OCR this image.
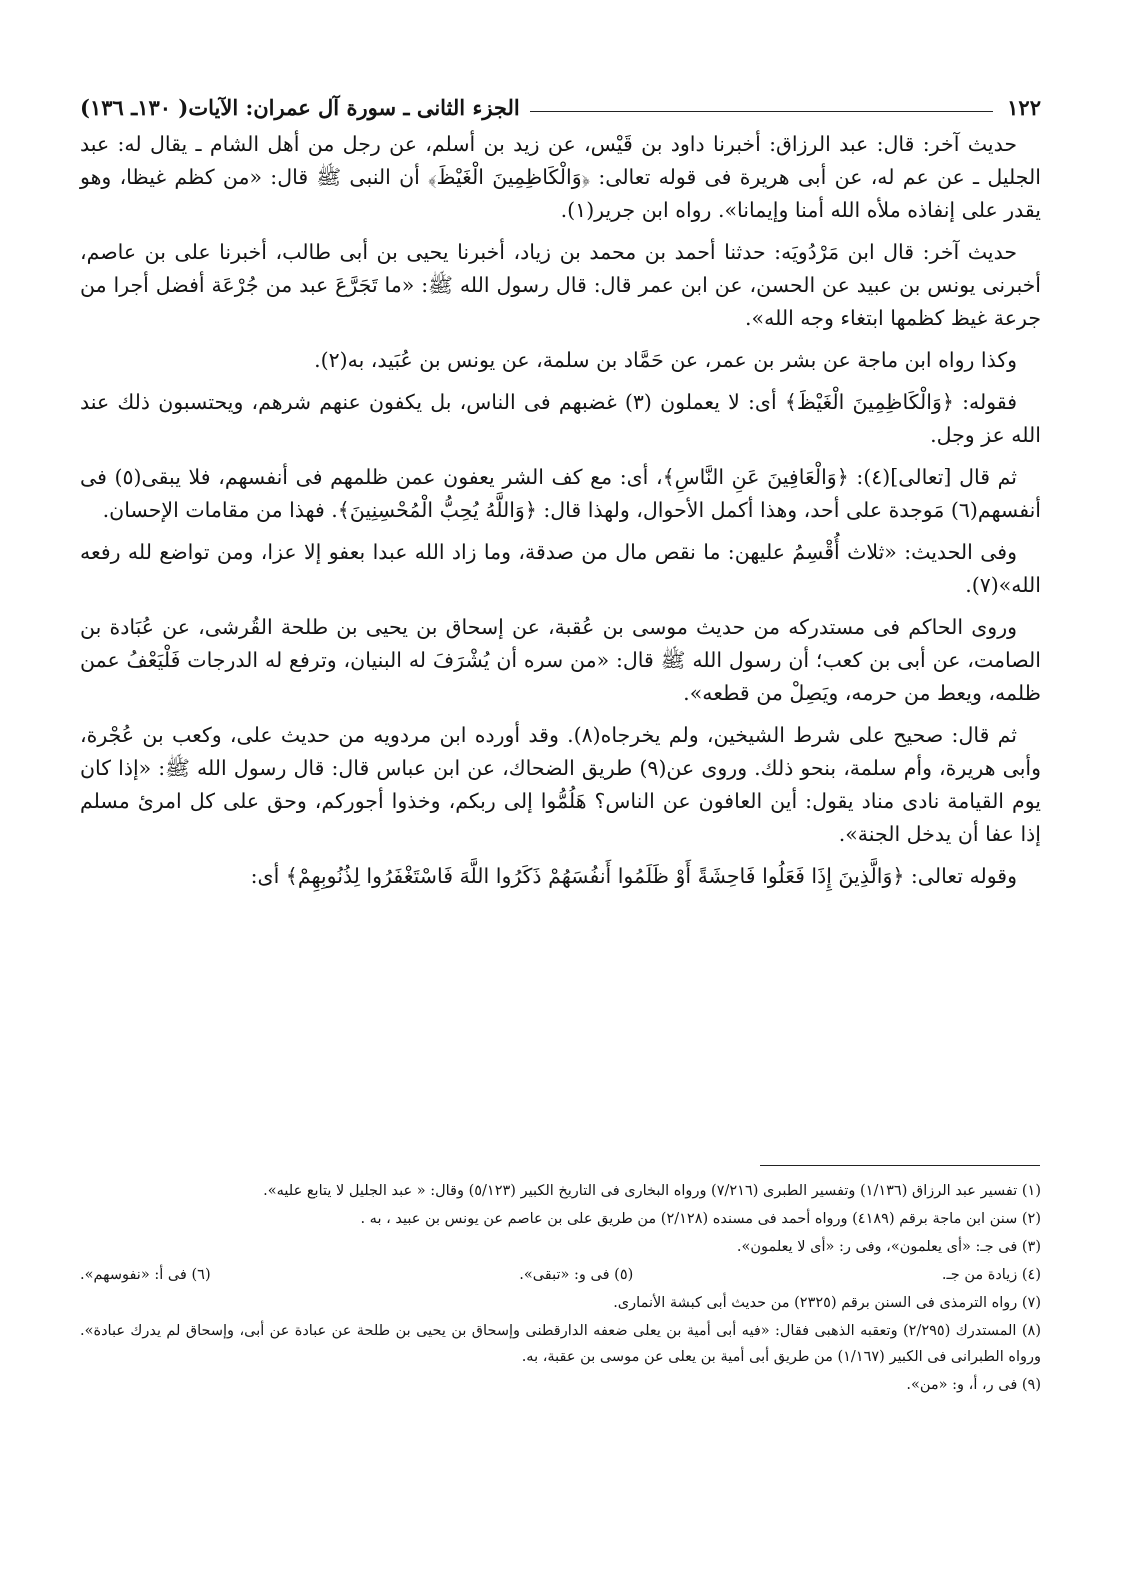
١٢٢
الجزء الثانى ـ سورة آل عمران: الآيات( ١٣٠ـ ١٣٦)

حديث آخر: قال: عبد الرزاق: أخبرنا داود بن قَيْس، عن زيد بن أسلم، عن رجل من أهل الشام ـ يقال له: عبد الجليل ـ عن عم له، عن أبى هريرة فى قوله تعالى: ﴿وَالْكَاظِمِينَ الْغَيْظَ﴾ أن النبى ﷺ قال: «من كظم غيظا، وهو يقدر على إنفاذه ملأه الله أمنا وإيمانا». رواه ابن جرير(١).

حديث آخر: قال ابن مَرْدُويَه: حدثنا أحمد بن محمد بن زياد، أخبرنا يحيى بن أبى طالب، أخبرنا على بن عاصم، أخبرنى يونس بن عبيد عن الحسن، عن ابن عمر قال: قال رسول الله ﷺ: «ما تَجَرَّعَ عبد من جُرْعَة أفضل أجرا من جرعة غيظ كظمها ابتغاء وجه الله».

وكذا رواه ابن ماجة عن بشر بن عمر، عن حَمَّاد بن سلمة، عن يونس بن عُبَيد، به(٢).

فقوله: ﴿وَالْكَاظِمِينَ الْغَيْظَ﴾ أى: لا يعملون (٣) غضبهم فى الناس، بل يكفون عنهم شرهم، ويحتسبون ذلك عند الله عز وجل.

ثم قال [تعالى](٤): ﴿وَالْعَافِينَ عَنِ النَّاسِ﴾، أى: مع كف الشر يعفون عمن ظلمهم فى أنفسهم، فلا يبقى(٥) فى أنفسهم(٦) مَوجدة على أحد، وهذا أكمل الأحوال، ولهذا قال: ﴿وَاللَّهُ يُحِبُّ الْمُحْسِنِينَ﴾. فهذا من مقامات الإحسان.

وفى الحديث: «ثلاث أُقْسِمُ عليهن: ما نقص مال من صدقة، وما زاد الله عبدا بعفو إلا عزا، ومن تواضع لله رفعه الله»(٧).

وروى الحاكم فى مستدركه من حديث موسى بن عُقبة، عن إسحاق بن يحيى بن طلحة القُرشى، عن عُبَادة بن الصامت، عن أبى بن كعب؛ أن رسول الله ﷺ قال: «من سره أن يُشْرَفَ له البنيان، وترفع له الدرجات فَلْيَعْفُ عمن ظلمه، ويعط من حرمه، ويَصِلْ من قطعه».

ثم قال: صحيح على شرط الشيخين، ولم يخرجاه(٨). وقد أورده ابن مردويه من حديث على، وكعب بن عُجْرة، وأبى هريرة، وأم سلمة، بنحو ذلك. وروى عن(٩) طريق الضحاك، عن ابن عباس قال: قال رسول الله ﷺ: «إذا كان يوم القيامة نادى مناد يقول: أين العافون عن الناس؟ هَلُمُّوا إلى ربكم، وخذوا أجوركم، وحق على كل امرئ مسلم إذا عفا أن يدخل الجنة».

وقوله تعالى: ﴿وَالَّذِينَ إِذَا فَعَلُوا فَاحِشَةً أَوْ ظَلَمُوا أَنفُسَهُمْ ذَكَرُوا اللَّهَ فَاسْتَغْفَرُوا لِذُنُوبِهِمْ﴾ أى:

(١) تفسير عبد الرزاق (١/١٣٦) وتفسير الطبرى (٧/٢١٦) ورواه البخارى فى التاريخ الكبير (٥/١٢٣) وقال: « عبد الجليل لا يتابع عليه».

(٢) سنن ابن ماجة برقم (٤١٨٩) ورواه أحمد فى مسنده (٢/١٢٨) من طريق على بن عاصم عن يونس بن عبيد ، به .

(٣) فى جـ: «أى يعلمون»، وفى ر: «أى لا يعلمون».

(٤) زيادة من جـ.
(٥) فى و: «تبقى».
(٦) فى أ: «نفوسهم».

(٧) رواه الترمذى فى السنن برقم (٢٣٢٥) من حديث أبى كبشة الأنمارى.

(٨) المستدرك (٢/٢٩٥) وتعقبه الذهبى فقال: «فيه أبى أمية بن يعلى ضعفه الدارقطنى وإسحاق بن يحيى بن طلحة عن عبادة عن أبى، وإسحاق لم يدرك عبادة». ورواه الطبرانى فى الكبير (١/١٦٧) من طريق أبى أمية بن يعلى عن موسى بن عقبة، به.

(٩) فى ر، أ، و: «من».
